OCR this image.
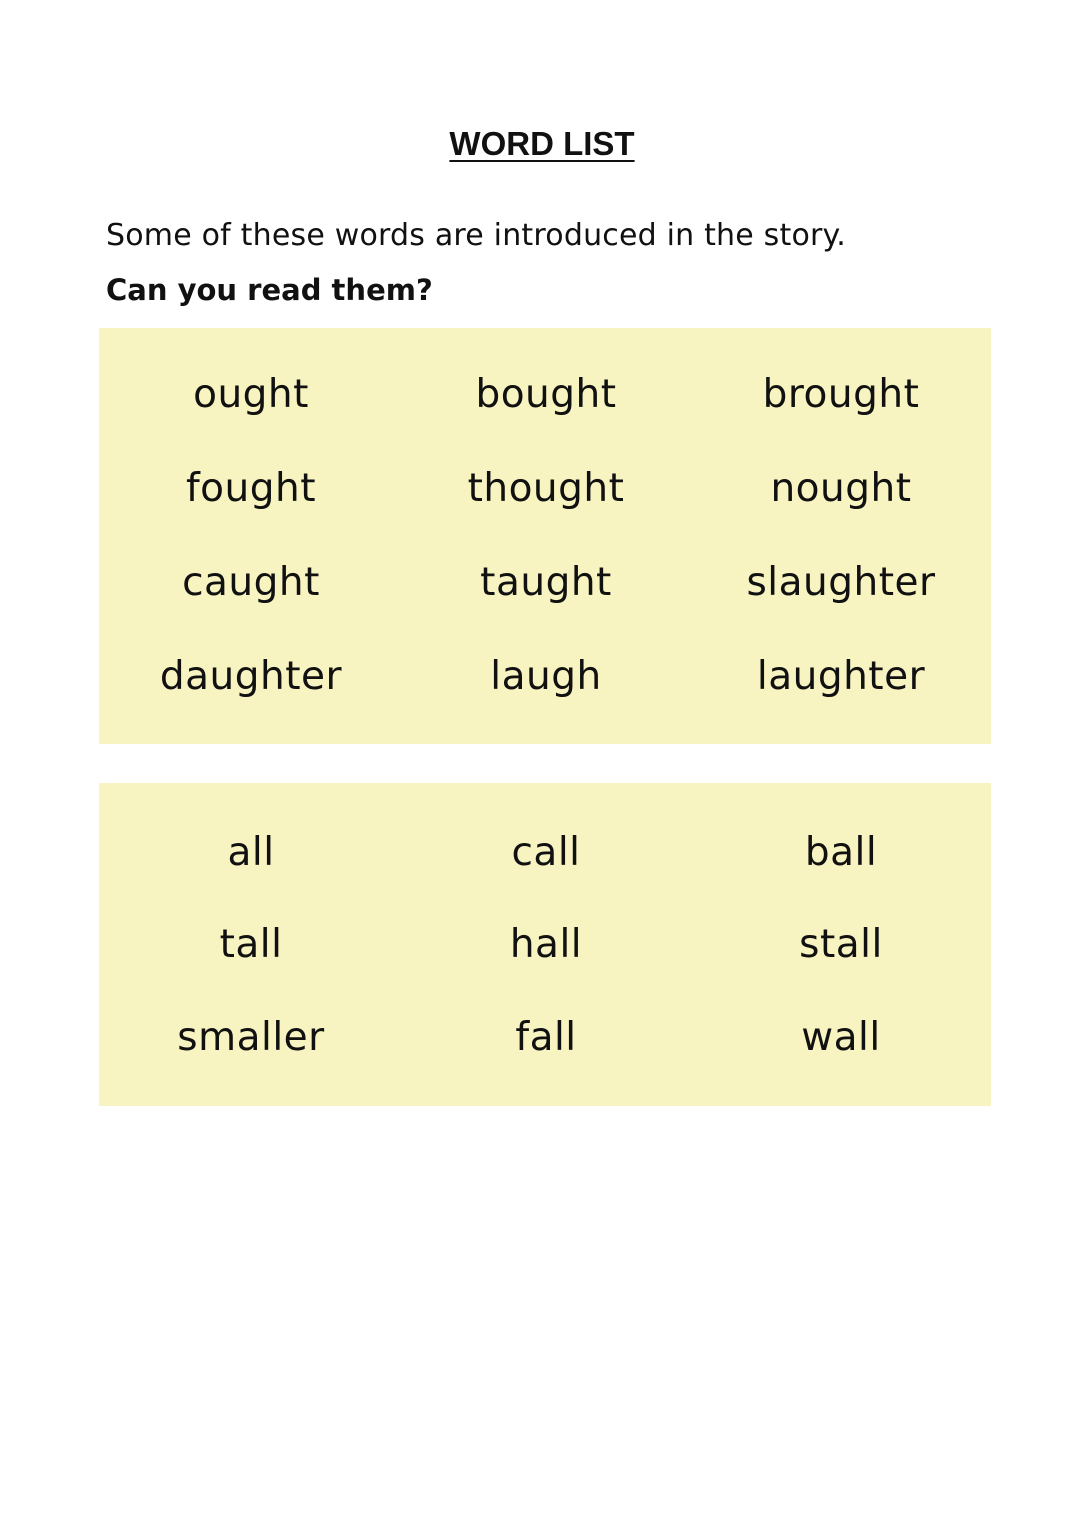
WORD LIST
Some of these words are introduced in the story.
Can you read them?
ought	bought	brought
fought	thought	nought
caught	taught	slaughter
daughter	laugh	laughter
all	call	ball
tall	hall	stall
smaller	fall	wall
